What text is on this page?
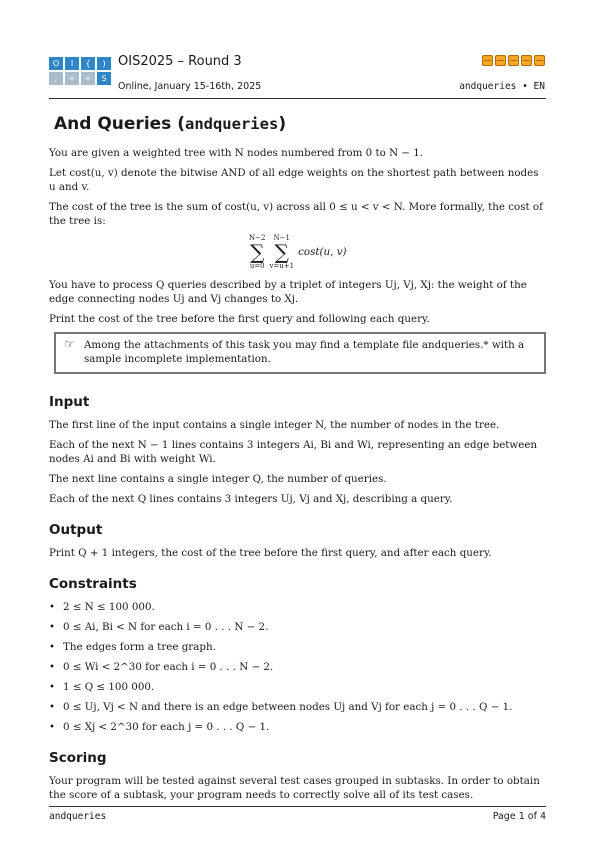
O	I	{	)
;	+	+	S
OIS2025 – Round 3
Online, January 15-16th, 2025	andqueries • EN
And Queries (andqueries)

You are given a weighted tree with N nodes numbered from 0 to N − 1.

Let cost(u, v) denote the bitwise AND of all edge weights on the shortest path between nodes u and v.

The cost of the tree is the sum of cost(u, v) across all 0 ≤ u < v < N. More formally, the cost of the tree is:

N−2
∑
u=0
N−1
∑
v=u+1
cost(u, v)

You have to process Q queries described by a triplet of integers Uj, Vj, Xj: the weight of the edge connecting nodes Uj and Vj changes to Xj.

Print the cost of the tree before the first query and following each query.

☞ Among the attachments of this task you may find a template file andqueries.* with a sample incomplete implementation.
Input

The first line of the input contains a single integer N, the number of nodes in the tree.

Each of the next N − 1 lines contains 3 integers Ai, Bi and Wi, representing an edge between nodes Ai and Bi with weight Wi.

The next line contains a single integer Q, the number of queries.

Each of the next Q lines contains 3 integers Uj, Vj and Xj, describing a query.

Output

Print Q + 1 integers, the cost of the tree before the first query, and after each query.

Constraints
• 2 ≤ N ≤ 100 000.
• 0 ≤ Ai, Bi < N for each i = 0 . . . N − 2.
• The edges form a tree graph.
• 0 ≤ Wi < 2^30 for each i = 0 . . . N − 2.
• 1 ≤ Q ≤ 100 000.
• 0 ≤ Uj, Vj < N and there is an edge between nodes Uj and Vj for each j = 0 . . . Q − 1.
• 0 ≤ Xj < 2^30 for each j = 0 . . . Q − 1.
Scoring

Your program will be tested against several test cases grouped in subtasks. In order to obtain the score of a subtask, your program needs to correctly solve all of its test cases.

andqueries	Page 1 of 4
